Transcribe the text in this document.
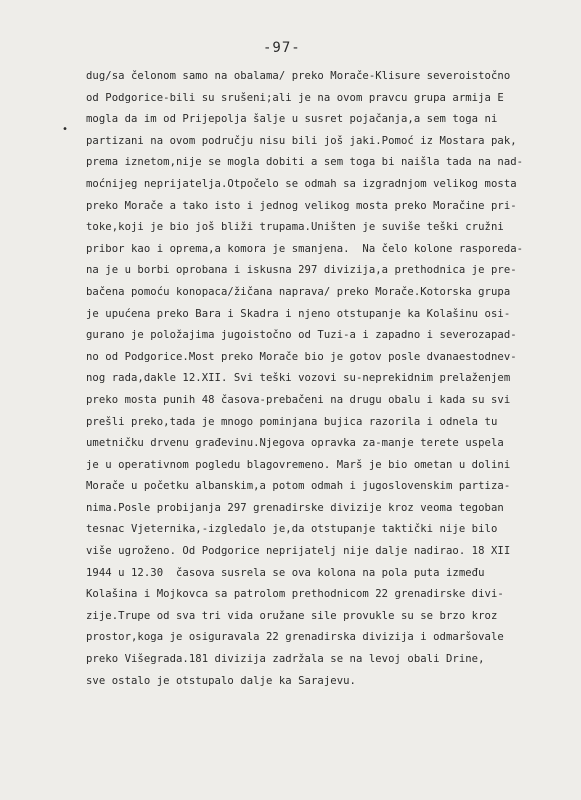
-97-
•
dug/sa čelonom samo na obalama/ preko Morače-Klisure severoistočno
od Podgorice-bili su srušeni;ali je na ovom pravcu grupa armija E
mogla da im od Prijepolja šalje u susret pojačanja,a sem toga ni
partizani na ovom području nisu bili još jaki.Pomoć iz Mostara pak,
prema iznetom,nije se mogla dobiti a sem toga bi naišla tada na nad-
moćnijeg neprijatelja.Otpočelo se odmah sa izgradnjom velikog mosta
preko Morače a tako isto i jednog velikog mosta preko Moračine pri-
toke,koji je bio još bliži trupama.Uništen je suviše teški cružni
pribor kao i oprema,a komora je smanjena.  Na čelo kolone rasporeda-
na je u borbi oprobana i iskusna 297 divizija,a prethodnica je pre-
bačena pomoću konopaca/žičana naprava/ preko Morače.Kotorska grupa
je upućena preko Bara i Skadra i njeno otstupanje ka Kolašinu osi-
gurano je položajima jugoistočno od Tuzi-a i zapadno i severozapad-
no od Podgorice.Most preko Morače bio je gotov posle dvanaestodnev-
nog rada,dakle 12.XII. Svi teški vozovi su-neprekidnim prelaženjem
preko mosta punih 48 časova-prebačeni na drugu obalu i kada su svi
prešli preko,tada je mnogo pominjana bujica razorila i odnela tu
umetničku drvenu građevinu.Njegova opravka za-manje terete uspela
je u operativnom pogledu blagovremeno. Marš je bio ometan u dolini
Morače u početku albanskim,a potom odmah i jugoslovenskim partiza-
nima.Posle probijanja 297 grenadirske divizije kroz veoma tegoban
tesnac Vjeternika,-izgledalo je,da otstupanje taktički nije bilo
više ugroženo. Od Podgorice neprijatelj nije dalje nadirao. 18 XII
1944 u 12.30  časova susrela se ova kolona na pola puta između
Kolašina i Mojkovca sa patrolom prethodnicom 22 grenadirske divi-
zije.Trupe od sva tri vida oružane sile provukle su se brzo kroz
prostor,koga je osiguravala 22 grenadirska divizija i odmaršovale
preko Višegrada.181 divizija zadržala se na levoj obali Drine,
sve ostalo je otstupalo dalje ka Sarajevu.
